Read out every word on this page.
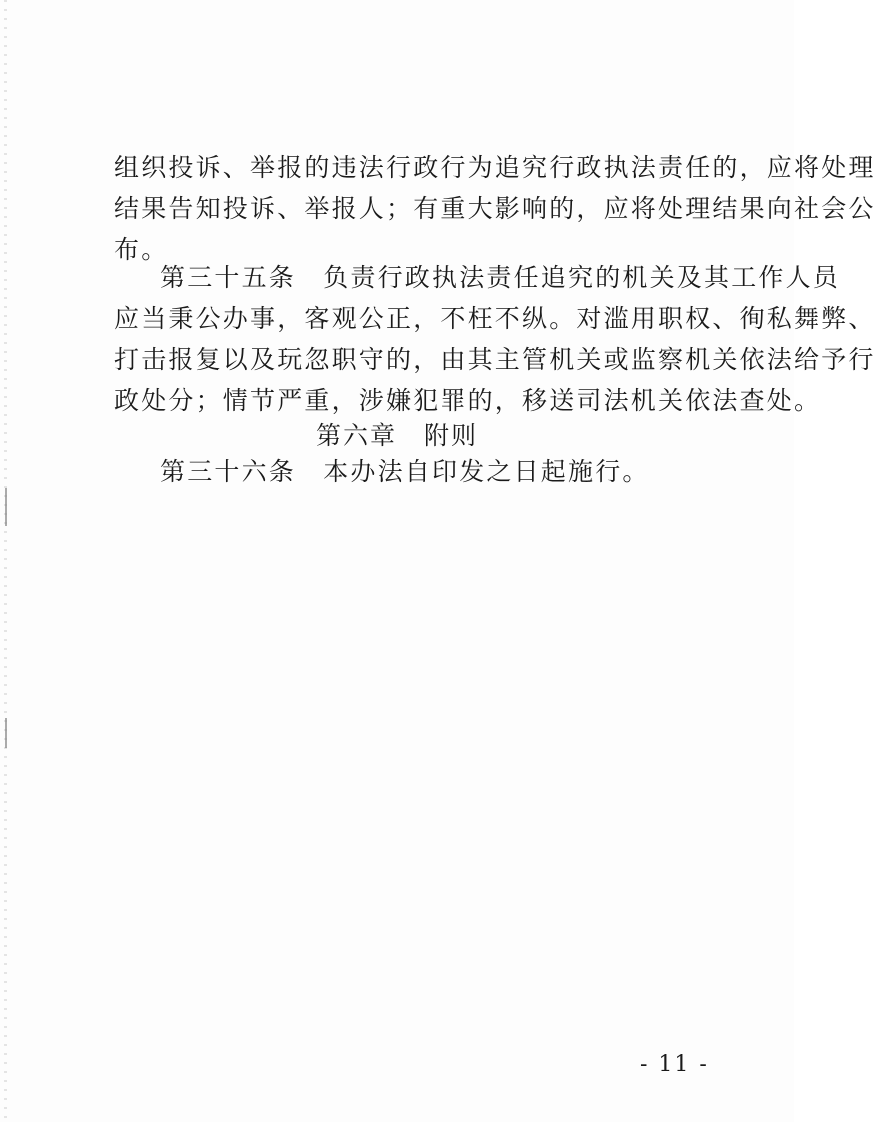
组织投诉、举报的违法行政行为追究行政执法责任的，应将处理
结果告知投诉、举报人；有重大影响的，应将处理结果向社会公
布。
第三十五条　负责行政执法责任追究的机关及其工作人员
应当秉公办事，客观公正，不枉不纵。对滥用职权、徇私舞弊、
打击报复以及玩忽职守的，由其主管机关或监察机关依法给予行
政处分；情节严重，涉嫌犯罪的，移送司法机关依法查处。
第六章　附则
第三十六条　本办法自印发之日起施行。
- 11 -
